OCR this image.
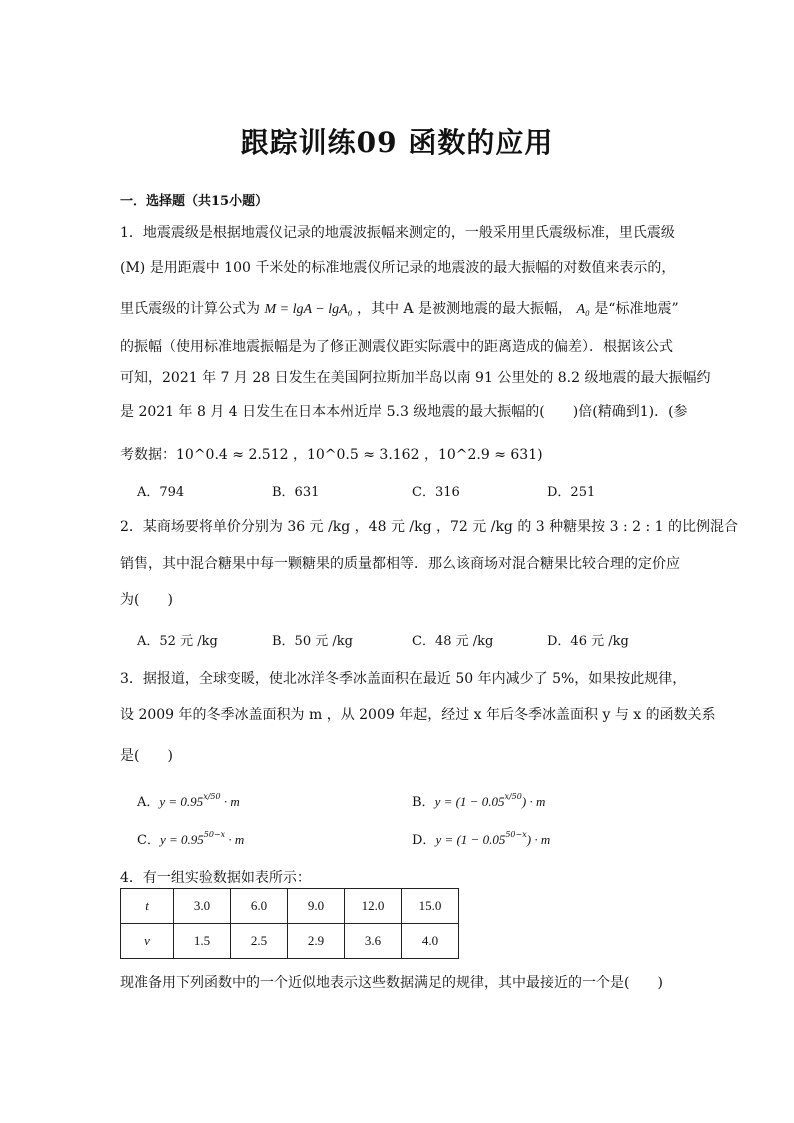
跟踪训练09 函数的应用
一．选择题（共15小题）
1．地震震级是根据地震仪记录的地震波振幅来测定的，一般采用里氏震级标准，里氏震级
(M) 是用距震中 100 千米处的标准地震仪所记录的地震波的最大振幅的对数值来表示的，
里氏震级的计算公式为 M = lgA − lgA₀ ，其中 A 是被测地震的最大振幅， A₀ 是“标准地震”
的振幅（使用标准地震振幅是为了修正测震仪距实际震中的距离造成的偏差）．根据该公式
可知，2021 年 7 月 28 日发生在美国阿拉斯加半岛以南 91 公里处的 8.2 级地震的最大振幅约
是 2021 年 8 月 4 日发生在日本本州近岸 5.3 级地震的最大振幅的(　　)倍(精确到1)．(参
考数据：10^0.4 ≈ 2.512 ，10^0.5 ≈ 3.162 ，10^2.9 ≈ 631)
A．794	B．631	C．316	D．251
2．某商场要将单价分别为 36 元 /kg ，48 元 /kg ，72 元 /kg 的 3 种糖果按 3 : 2 : 1 的比例混合
销售，其中混合糖果中每一颗糖果的质量都相等．那么该商场对混合糖果比较合理的定价应
为(　　)
A．52 元 /kg	B．50 元 /kg	C．48 元 /kg	D．46 元 /kg
3．据报道，全球变暖，使北冰洋冬季冰盖面积在最近 50 年内减少了 5%，如果按此规律，
设 2009 年的冬季冰盖面积为 m ，从 2009 年起，经过 x 年后冬季冰盖面积 y 与 x 的函数关系
是(　　)
A．$y = 0.95^{x/50} \cdot m$	B．$y = (1 - 0.05^{x/50}) \cdot m$
C．$y = 0.95^{50-x} \cdot m$	D．$y = (1 - 0.05^{50-x}) \cdot m$
4．有一组实验数据如表所示：
t	3.0	6.0	9.0	12.0	15.0
v	1.5	2.5	2.9	3.6	4.0
现准备用下列函数中的一个近似地表示这些数据满足的规律，其中最接近的一个是(　　)
